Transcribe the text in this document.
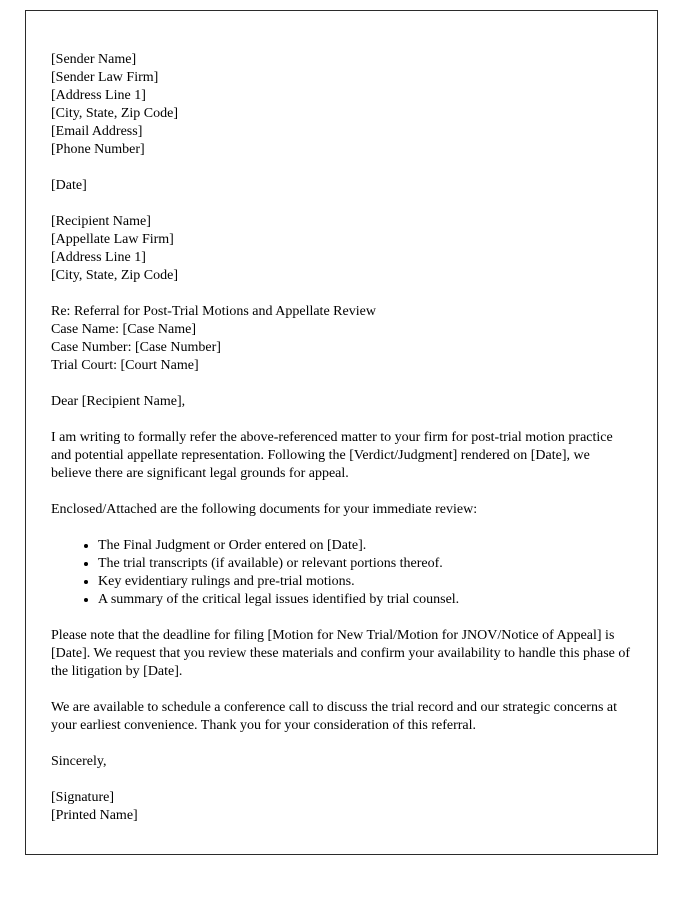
[Sender Name]
[Sender Law Firm]
[Address Line 1]
[City, State, Zip Code]
[Email Address]
[Phone Number]
[Date]
[Recipient Name]
[Appellate Law Firm]
[Address Line 1]
[City, State, Zip Code]
Re: Referral for Post-Trial Motions and Appellate Review
Case Name: [Case Name]
Case Number: [Case Number]
Trial Court: [Court Name]
Dear [Recipient Name],
I am writing to formally refer the above-referenced matter to your firm for post-trial motion practice and potential appellate representation. Following the [Verdict/Judgment] rendered on [Date], we believe there are significant legal grounds for appeal.
Enclosed/Attached are the following documents for your immediate review:
• The Final Judgment or Order entered on [Date].
• The trial transcripts (if available) or relevant portions thereof.
• Key evidentiary rulings and pre-trial motions.
• A summary of the critical legal issues identified by trial counsel.
Please note that the deadline for filing [Motion for New Trial/Motion for JNOV/Notice of Appeal] is [Date]. We request that you review these materials and confirm your availability to handle this phase of the litigation by [Date].
We are available to schedule a conference call to discuss the trial record and our strategic concerns at your earliest convenience. Thank you for your consideration of this referral.
Sincerely,
[Signature]
[Printed Name]
